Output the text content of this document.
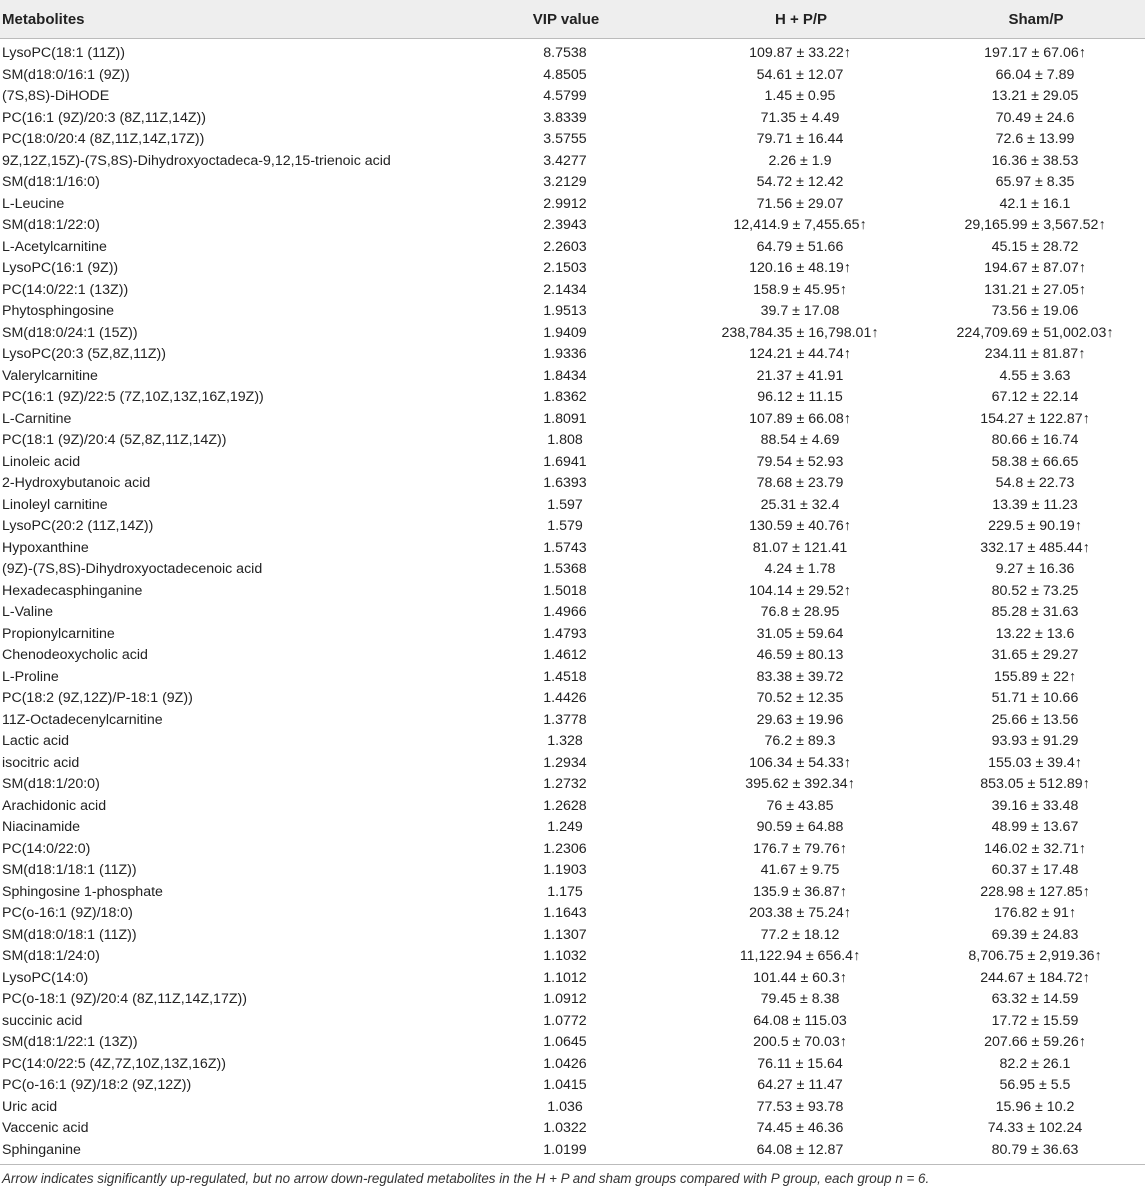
Metabolites	VIP value	H + P/P	Sham/P
LysoPC(18:1 (11Z))	8.7538	109.87 ± 33.22↑	197.17 ± 67.06↑
SM(d18:0/16:1 (9Z))	4.8505	54.61 ± 12.07	66.04 ± 7.89
(7S,8S)-DiHODE	4.5799	1.45 ± 0.95	13.21 ± 29.05
PC(16:1 (9Z)/20:3 (8Z,11Z,14Z))	3.8339	71.35 ± 4.49	70.49 ± 24.6
PC(18:0/20:4 (8Z,11Z,14Z,17Z))	3.5755	79.71 ± 16.44	72.6 ± 13.99
9Z,12Z,15Z)-(7S,8S)-Dihydroxyoctadeca-9,12,15-trienoic acid	3.4277	2.26 ± 1.9	16.36 ± 38.53
SM(d18:1/16:0)	3.2129	54.72 ± 12.42	65.97 ± 8.35
L-Leucine	2.9912	71.56 ± 29.07	42.1 ± 16.1
SM(d18:1/22:0)	2.3943	12,414.9 ± 7,455.65↑	29,165.99 ± 3,567.52↑
L-Acetylcarnitine	2.2603	64.79 ± 51.66	45.15 ± 28.72
LysoPC(16:1 (9Z))	2.1503	120.16 ± 48.19↑	194.67 ± 87.07↑
PC(14:0/22:1 (13Z))	2.1434	158.9 ± 45.95↑	131.21 ± 27.05↑
Phytosphingosine	1.9513	39.7 ± 17.08	73.56 ± 19.06
SM(d18:0/24:1 (15Z))	1.9409	238,784.35 ± 16,798.01↑	224,709.69 ± 51,002.03↑
LysoPC(20:3 (5Z,8Z,11Z))	1.9336	124.21 ± 44.74↑	234.11 ± 81.87↑
Valerylcarnitine	1.8434	21.37 ± 41.91	4.55 ± 3.63
PC(16:1 (9Z)/22:5 (7Z,10Z,13Z,16Z,19Z))	1.8362	96.12 ± 11.15	67.12 ± 22.14
L-Carnitine	1.8091	107.89 ± 66.08↑	154.27 ± 122.87↑
PC(18:1 (9Z)/20:4 (5Z,8Z,11Z,14Z))	1.808	88.54 ± 4.69	80.66 ± 16.74
Linoleic acid	1.6941	79.54 ± 52.93	58.38 ± 66.65
2-Hydroxybutanoic acid	1.6393	78.68 ± 23.79	54.8 ± 22.73
Linoleyl carnitine	1.597	25.31 ± 32.4	13.39 ± 11.23
LysoPC(20:2 (11Z,14Z))	1.579	130.59 ± 40.76↑	229.5 ± 90.19↑
Hypoxanthine	1.5743	81.07 ± 121.41	332.17 ± 485.44↑
(9Z)-(7S,8S)-Dihydroxyoctadecenoic acid	1.5368	4.24 ± 1.78	9.27 ± 16.36
Hexadecasphinganine	1.5018	104.14 ± 29.52↑	80.52 ± 73.25
L-Valine	1.4966	76.8 ± 28.95	85.28 ± 31.63
Propionylcarnitine	1.4793	31.05 ± 59.64	13.22 ± 13.6
Chenodeoxycholic acid	1.4612	46.59 ± 80.13	31.65 ± 29.27
L-Proline	1.4518	83.38 ± 39.72	155.89 ± 22↑
PC(18:2 (9Z,12Z)/P-18:1 (9Z))	1.4426	70.52 ± 12.35	51.71 ± 10.66
11Z-Octadecenylcarnitine	1.3778	29.63 ± 19.96	25.66 ± 13.56
Lactic acid	1.328	76.2 ± 89.3	93.93 ± 91.29
isocitric acid	1.2934	106.34 ± 54.33↑	155.03 ± 39.4↑
SM(d18:1/20:0)	1.2732	395.62 ± 392.34↑	853.05 ± 512.89↑
Arachidonic acid	1.2628	76 ± 43.85	39.16 ± 33.48
Niacinamide	1.249	90.59 ± 64.88	48.99 ± 13.67
PC(14:0/22:0)	1.2306	176.7 ± 79.76↑	146.02 ± 32.71↑
SM(d18:1/18:1 (11Z))	1.1903	41.67 ± 9.75	60.37 ± 17.48
Sphingosine 1-phosphate	1.175	135.9 ± 36.87↑	228.98 ± 127.85↑
PC(o-16:1 (9Z)/18:0)	1.1643	203.38 ± 75.24↑	176.82 ± 91↑
SM(d18:0/18:1 (11Z))	1.1307	77.2 ± 18.12	69.39 ± 24.83
SM(d18:1/24:0)	1.1032	11,122.94 ± 656.4↑	8,706.75 ± 2,919.36↑
LysoPC(14:0)	1.1012	101.44 ± 60.3↑	244.67 ± 184.72↑
PC(o-18:1 (9Z)/20:4 (8Z,11Z,14Z,17Z))	1.0912	79.45 ± 8.38	63.32 ± 14.59
succinic acid	1.0772	64.08 ± 115.03	17.72 ± 15.59
SM(d18:1/22:1 (13Z))	1.0645	200.5 ± 70.03↑	207.66 ± 59.26↑
PC(14:0/22:5 (4Z,7Z,10Z,13Z,16Z))	1.0426	76.11 ± 15.64	82.2 ± 26.1
PC(o-16:1 (9Z)/18:2 (9Z,12Z))	1.0415	64.27 ± 11.47	56.95 ± 5.5
Uric acid	1.036	77.53 ± 93.78	15.96 ± 10.2
Vaccenic acid	1.0322	74.45 ± 46.36	74.33 ± 102.24
Sphinganine	1.0199	64.08 ± 12.87	80.79 ± 36.63
Arrow indicates significantly up-regulated, but no arrow down-regulated metabolites in the H + P and sham groups compared with P group, each group n = 6.
